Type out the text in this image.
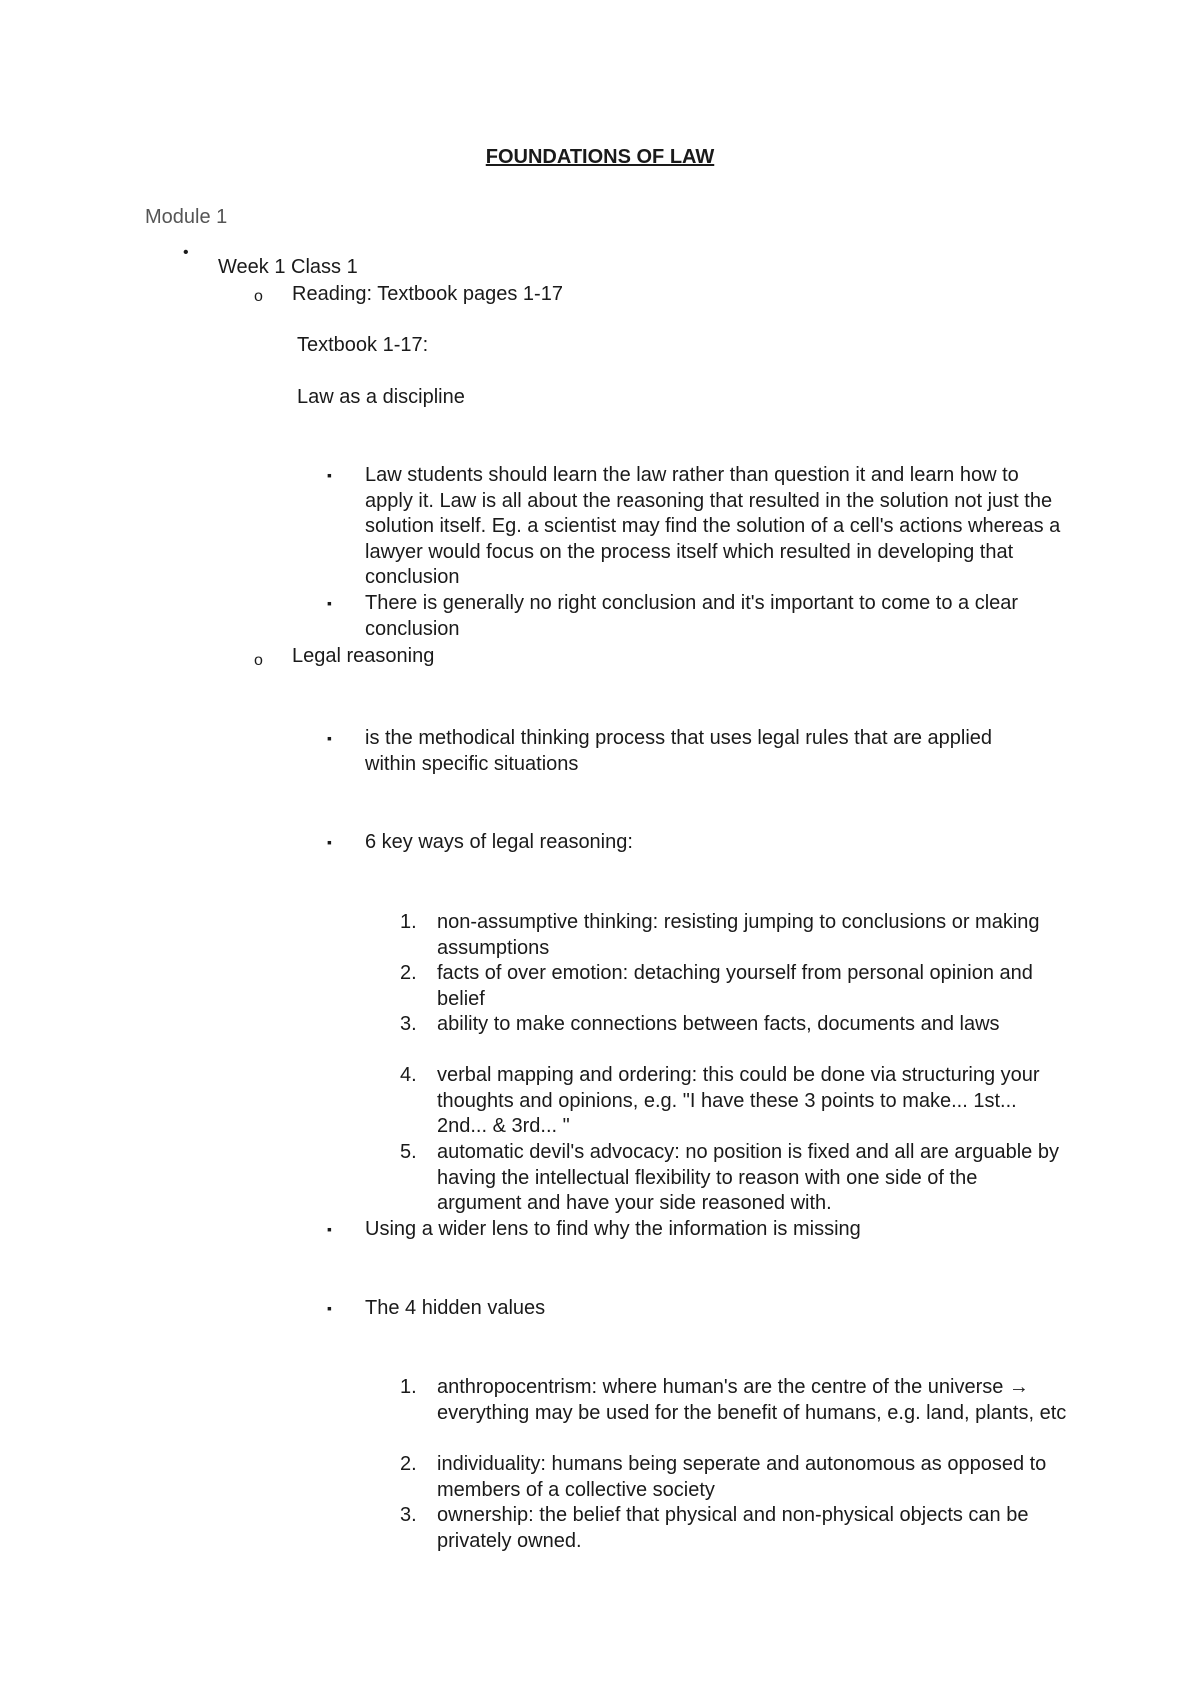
FOUNDATIONS OF LAW
Module 1
•
Week 1 Class 1
o Reading: Textbook pages 1-17
Textbook 1-17:
Law as a discipline
▪ Law students should learn the law rather than question it and learn how to apply it. Law is all about the reasoning that resulted in the solution not just the solution itself. Eg. a scientist may find the solution of a cell's actions whereas a lawyer would focus on the process itself which resulted in developing that conclusion
▪ There is generally no right conclusion and it's important to come to a clear conclusion
o Legal reasoning
▪ is the methodical thinking process that uses legal rules that are applied within specific situations
▪ 6 key ways of legal reasoning:
1. non-assumptive thinking: resisting jumping to conclusions or making assumptions
2. facts of over emotion: detaching yourself from personal opinion and belief
3. ability to make connections between facts, documents and laws
4. verbal mapping and ordering: this could be done via structuring your thoughts and opinions, e.g. "I have these 3 points to make... 1st... 2nd... & 3rd... "
5. automatic devil's advocacy: no position is fixed and all are arguable by having the intellectual flexibility to reason with one side of the argument and have your side reasoned with.
▪ Using a wider lens to find why the information is missing
▪ The 4 hidden values
1. anthropocentrism: where human's are the centre of the universe → everything may be used for the benefit of humans, e.g. land, plants, etc
2. individuality: humans being seperate and autonomous as opposed to members of a collective society
3. ownership: the belief that physical and non-physical objects can be privately owned.
